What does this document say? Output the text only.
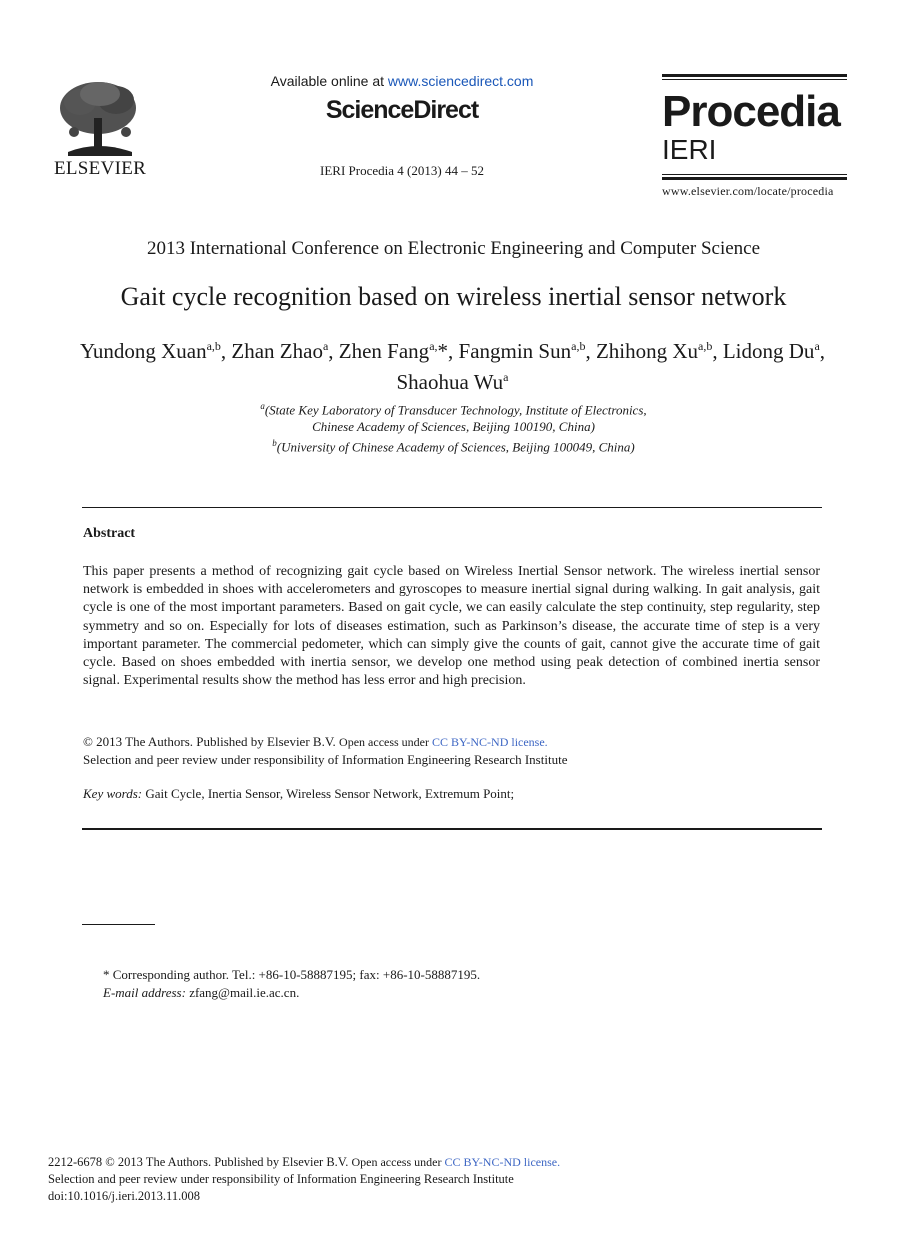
ELSEVIER
Available online at www.sciencedirect.com
ScienceDirect
IERI Procedia 4 (2013) 44 – 52
Procedia
IERI
www.elsevier.com/locate/procedia
2013 International Conference on Electronic Engineering and Computer Science
Gait cycle recognition based on wireless inertial sensor network
Yundong Xuan$^{a,b}$, Zhan Zhao$^a$, Zhen Fang$^{a,}$*, Fangmin Sun$^{a,b}$, Zhihong Xu$^{a,b}$, Lidong Du$^a$, Shaohua Wu$^a$
$^a$(State Key Laboratory of Transducer Technology, Institute of Electronics,
Chinese Academy of Sciences, Beijing 100190, China)
$^b$(University of Chinese Academy of Sciences, Beijing 100049, China)
Abstract
This paper presents a method of recognizing gait cycle based on Wireless Inertial Sensor network. The wireless inertial sensor network is embedded in shoes with accelerometers and gyroscopes to measure inertial signal during walking. In gait analysis, gait cycle is one of the most important parameters. Based on gait cycle, we can easily calculate the step continuity, step regularity, step symmetry and so on. Especially for lots of diseases estimation, such as Parkinson’s disease, the accurate time of step is a very important parameter. The commercial pedometer, which can simply give the counts of gait, cannot give the accurate time of gait cycle. Based on shoes embedded with inertia sensor, we develop one method using peak detection of combined inertia sensor signal. Experimental results show the method has less error and high precision.
© 2013 The Authors. Published by Elsevier B.V. Open access under CC BY-NC-ND license.
Selection and peer review under responsibility of Information Engineering Research Institute
Key words: Gait Cycle, Inertia Sensor, Wireless Sensor Network, Extremum Point;
* Corresponding author. Tel.: +86-10-58887195; fax: +86-10-58887195.
E-mail address: zfang@mail.ie.ac.cn.
2212-6678 © 2013 The Authors. Published by Elsevier B.V. Open access under CC BY-NC-ND license.
Selection and peer review under responsibility of Information Engineering Research Institute
doi:10.1016/j.ieri.2013.11.008
